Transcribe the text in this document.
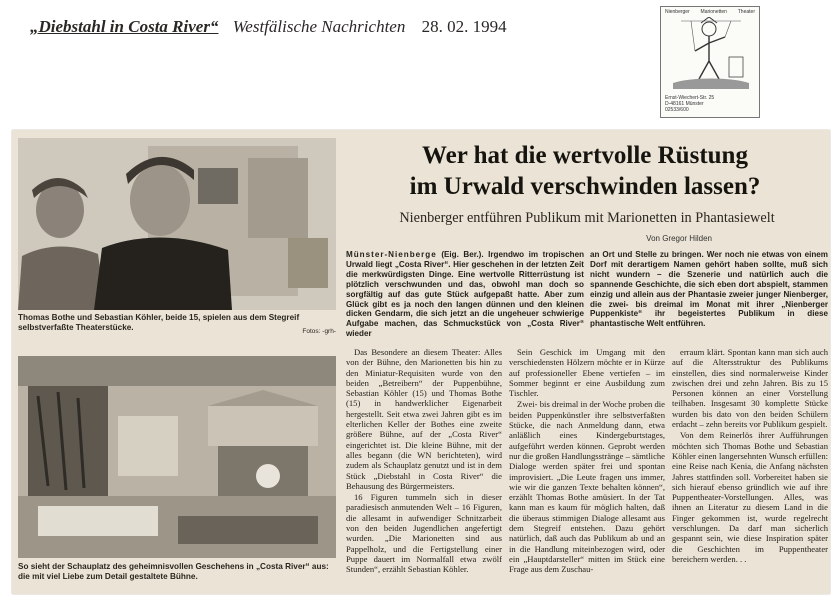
„Diebstahl in Costa River“ Westfälische Nachrichten 28. 02. 1994
Nienberger Marionetten Theater
Ernst-Wiechert-Str. 25
D-48161 Münster
02533/600
Thomas Bothe und Sebastian Köhler, beide 15, spielen aus dem Stegreif selbstverfaßte Theaterstücke.	Fotos: -grh-
So sieht der Schauplatz des geheimnisvollen Geschehens in „Costa River“ aus: die mit viel Liebe zum Detail gestaltete Bühne.
Wer hat die wertvolle Rüstung
im Urwald verschwinden lassen?
Nienberger entführen Publikum mit Marionetten in Phantasiewelt
Von Gregor Hilden
Münster-Nienberge (Eig. Ber.). Irgendwo im tropischen Urwald liegt „Costa River“. Hier geschehen in der letzten Zeit die merkwürdigsten Dinge. Eine wertvolle Ritterrüstung ist plötzlich verschwunden und das, obwohl man doch so sorgfältig auf das gute Stück aufgepaßt hatte. Aber zum Glück gibt es ja noch den langen dünnen und den kleinen dicken Gendarm, die sich jetzt an die ungeheuer schwierige Aufgabe machen, das Schmuckstück von „Costa River“ wieder
an Ort und Stelle zu bringen. Wer noch nie etwas von einem Dorf mit derartigem Namen gehört haben sollte, muß sich nicht wundern – die Szenerie und natürlich auch die spannende Geschichte, die sich eben dort abspielt, stammen einzig und allein aus der Phantasie zweier junger Nienberger, die zwei- bis dreimal im Monat mit ihrer „Nienberger Puppenkiste“ ihr begeistertes Publikum in diese phantastische Welt entführen.

Das Besondere an diesem Theater: Alles von der Bühne, den Marionetten bis hin zu den Miniatur-Requisiten wurde von den beiden „Betreibern“ der Puppenbühne, Sebastian Köhler (15) und Thomas Bothe (15) in handwerklicher Eigenarbeit hergestellt. Seit etwa zwei Jahren gibt es im elterlichen Keller der Bothes eine zweite größere Bühne, auf der „Costa River“ eingerichtet ist. Die kleine Bühne, mit der alles begann (die WN berichteten), wird zudem als Schauplatz genutzt und ist in dem Stück „Diebstahl in Costa River“ die Behausung des Bürgermeisters.

16 Figuren tummeln sich in dieser paradiesisch anmutenden Welt – 16 Figuren, die allesamt in aufwendiger Schnitzarbeit von den beiden Jugendlichen angefertigt wurden. „Die Marionetten sind aus Pappelholz, und die Fertigstellung einer Puppe dauert im Normalfall etwa zwölf Stunden“, erzählt Sebastian Köhler.

Sein Geschick im Umgang mit den verschiedensten Hölzern möchte er in Kürze auf professioneller Ebene vertiefen – im Sommer beginnt er eine Ausbildung zum Tischler.

Zwei- bis dreimal in der Woche proben die beiden Puppenkünstler ihre selbstverfaßten Stücke, die nach Anmeldung dann, etwa anläßlich eines Kindergeburtstages, aufgeführt werden können. Geprobt werden nur die großen Handlungsstränge – sämtliche Dialoge werden später frei und spontan improvisiert. „Die Leute fragen uns immer, wie wir die ganzen Texte behalten können“, erzählt Thomas Bothe amüsiert. In der Tat kann man es kaum für möglich halten, daß die überaus stimmigen Dialoge allesamt aus dem Stegreif entstehen. Dazu gehört natürlich, daß auch das Publikum ab und an in die Handlung miteinbezogen wird, oder ein „Hauptdarsteller“ mitten im Stück eine Frage aus dem Zuschau-

erraum klärt. Spontan kann man sich auch auf die Altersstruktur des Publikums einstellen, dies sind normalerweise Kinder zwischen drei und zehn Jahren. Bis zu 15 Personen können an einer Vorstellung teilhaben. Insgesamt 30 komplette Stücke wurden bis dato von den beiden Schülern erdacht – zehn bereits vor Publikum gespielt.

Von dem Reinerlös ihrer Aufführungen möchten sich Thomas Bothe und Sebastian Köhler einen langersehnten Wunsch erfüllen: eine Reise nach Kenia, die Anfang nächsten Jahres stattfinden soll. Vorbereitet haben sie sich hierauf ebenso gründlich wie auf ihre Puppentheater-Vorstellungen. Alles, was ihnen an Literatur zu diesem Land in die Finger gekommen ist, wurde regelrecht verschlungen. Da darf man sicherlich gespannt sein, wie diese Inspiration später die Geschichten im Puppentheater bereichern werden. . .
